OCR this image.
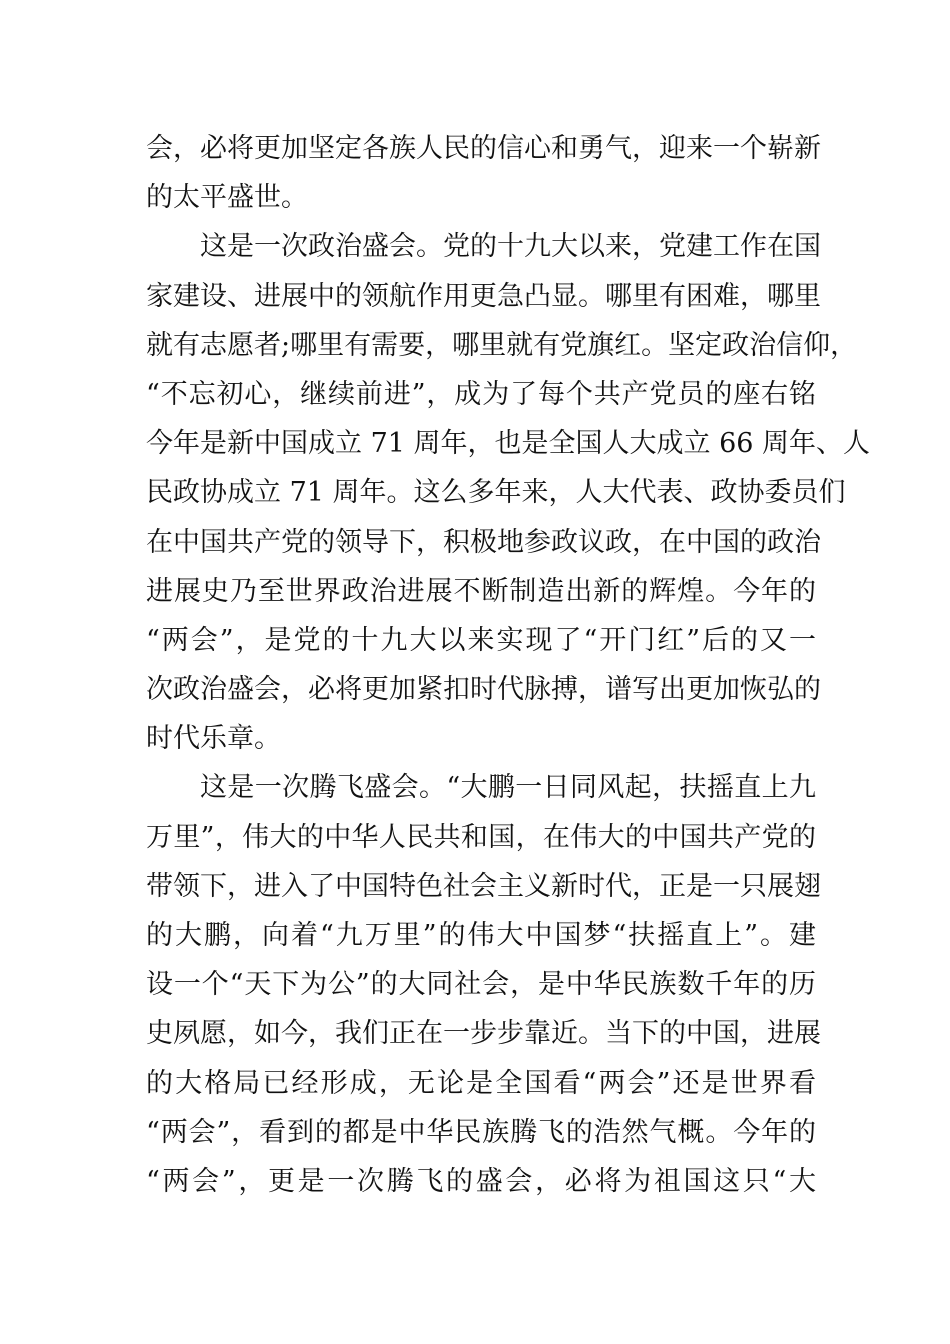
会，必将更加坚定各族人民的信心和勇气，迎来一个崭新
的太平盛世。
这是一次政治盛会。党的十九大以来，党建工作在国
家建设、进展中的领航作用更急凸显。哪里有困难，哪里
就有志愿者;哪里有需要，哪里就有党旗红。坚定政治信仰，
“不忘初心，继续前进”，成为了每个共产党员的座右铭
今年是新中国成立 71 周年，也是全国人大成立 66 周年、人
民政协成立 71 周年。这么多年来，人大代表、政协委员们
在中国共产党的领导下，积极地参政议政，在中国的政治
进展史乃至世界政治进展不断制造出新的辉煌。今年的
“两会”，是党的十九大以来实现了“开门红”后的又一
次政治盛会，必将更加紧扣时代脉搏，谱写出更加恢弘的
时代乐章。
这是一次腾飞盛会。“大鹏一日同风起，扶摇直上九
万里”，伟大的中华人民共和国，在伟大的中国共产党的
带领下，进入了中国特色社会主义新时代，正是一只展翅
的大鹏，向着“九万里”的伟大中国梦“扶摇直上”。建
设一个“天下为公”的大同社会，是中华民族数千年的历
史夙愿，如今，我们正在一步步靠近。当下的中国，进展
的大格局已经形成，无论是全国看“两会”还是世界看
“两会”，看到的都是中华民族腾飞的浩然气概。今年的
“两会”，更是一次腾飞的盛会，必将为祖国这只“大
